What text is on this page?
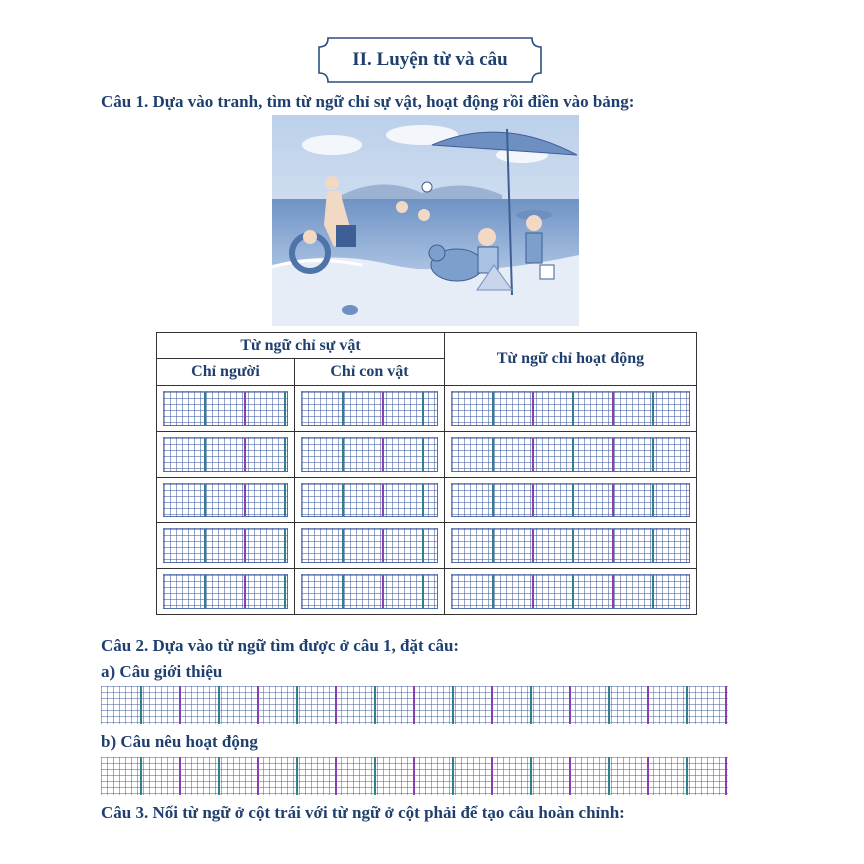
II. Luyện từ và câu
Câu 1. Dựa vào tranh, tìm từ ngữ chỉ sự vật, hoạt động rồi điền vào bảng:
Từ ngữ chỉ sự vật		Từ ngữ chỉ hoạt động
Chỉ người	Chỉ con vật	

Câu 2. Dựa vào từ ngữ tìm được ở câu 1, đặt câu:
a) Câu giới thiệu
b) Câu nêu hoạt động
Câu 3. Nối từ ngữ ở cột trái với từ ngữ ở cột phải để tạo câu hoàn chỉnh:
